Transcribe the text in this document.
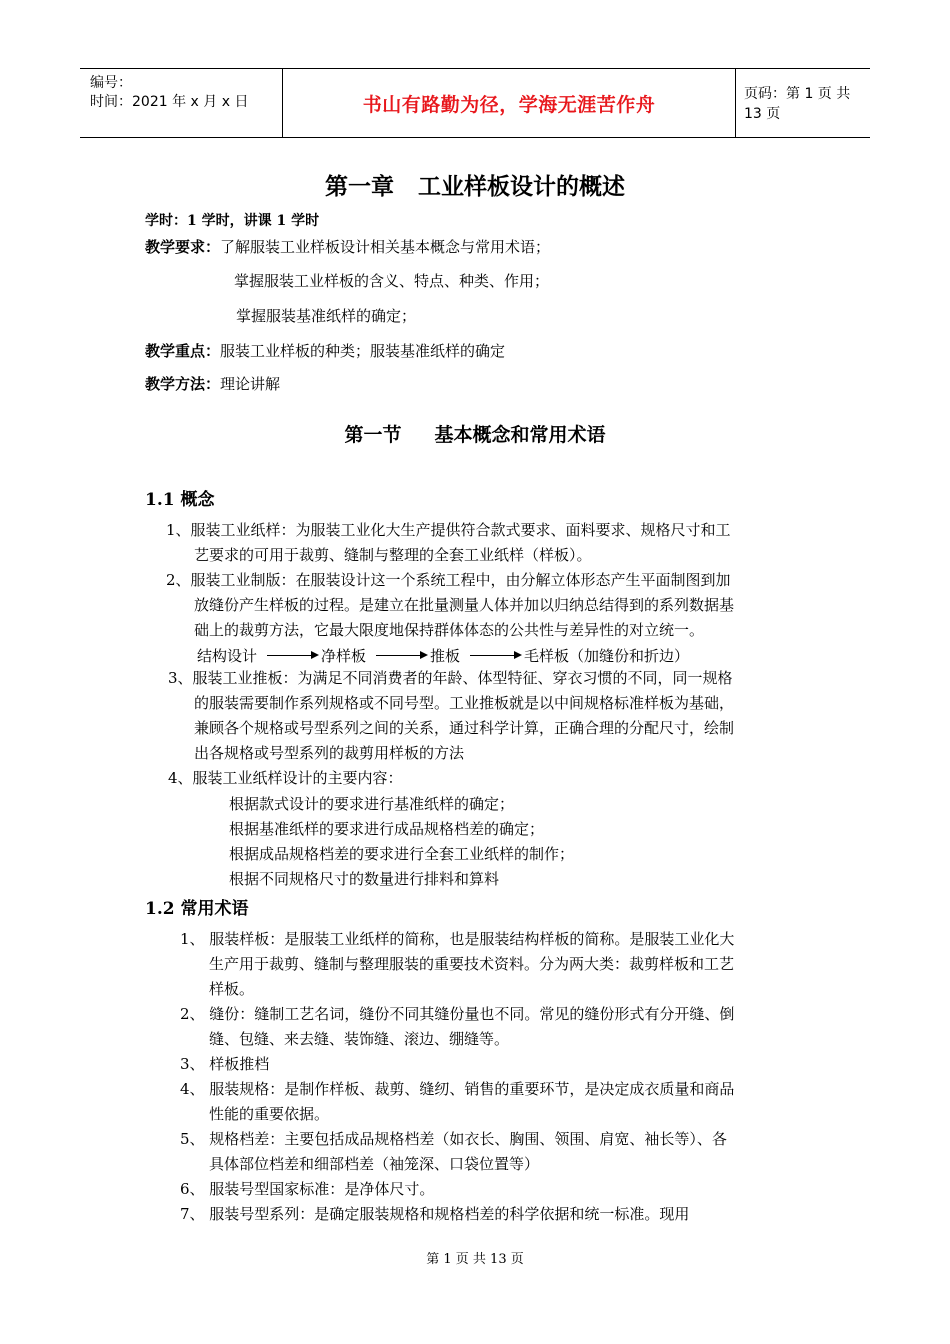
编号：
时间：2021 年 x 月 x 日	书山有路勤为径，学海无涯苦作舟	页码：第 1 页 共 13 页
第一章   工业样板设计的概述
学时：1 学时，讲课 1 学时
教学要求：了解服装工业样板设计相关基本概念与常用术语；
掌握服装工业样板的含义、特点、种类、作用；
掌握服装基准纸样的确定；
教学重点：服装工业样板的种类；服装基准纸样的确定
教学方法：理论讲解
第一节     基本概念和常用术语
1.1 概念
1、服装工业纸样：为服装工业化大生产提供符合款式要求、面料要求、规格尺寸和工
艺要求的可用于裁剪、缝制与整理的全套工业纸样（样板）。
2、服装工业制版：在服装设计这一个系统工程中，由分解立体形态产生平面制图到加
放缝份产生样板的过程。是建立在批量测量人体并加以归纳总结得到的系列数据基
础上的裁剪方法，它最大限度地保持群体体态的公共性与差异性的对立统一。
结构设计	净样板	推板	毛样板（加缝份和折边）
3、服装工业推板：为满足不同消费者的年龄、体型特征、穿衣习惯的不同，同一规格
的服装需要制作系列规格或不同号型。工业推板就是以中间规格标准样板为基础，
兼顾各个规格或号型系列之间的关系，通过科学计算，正确合理的分配尺寸，绘制
出各规格或号型系列的裁剪用样板的方法
4、服装工业纸样设计的主要内容：
根据款式设计的要求进行基准纸样的确定；
根据基准纸样的要求进行成品规格档差的确定；
根据成品规格档差的要求进行全套工业纸样的制作；
根据不同规格尺寸的数量进行排料和算料
1.2 常用术语
1、 服装样板：是服装工业纸样的简称，也是服装结构样板的简称。是服装工业化大
生产用于裁剪、缝制与整理服装的重要技术资料。分为两大类：裁剪样板和工艺
样板。
2、 缝份：缝制工艺名词，缝份不同其缝份量也不同。常见的缝份形式有分开缝、倒
缝、包缝、来去缝、装饰缝、滚边、绷缝等。
3、 样板推档
4、 服装规格：是制作样板、裁剪、缝纫、销售的重要环节，是决定成衣质量和商品
性能的重要依据。
5、 规格档差：主要包括成品规格档差（如衣长、胸围、领围、肩宽、袖长等）、各
具体部位档差和细部档差（袖笼深、口袋位置等）
6、 服装号型国家标准：是净体尺寸。
7、 服装号型系列：是确定服装规格和规格档差的科学依据和统一标准。现用
第 1 页 共 13 页
